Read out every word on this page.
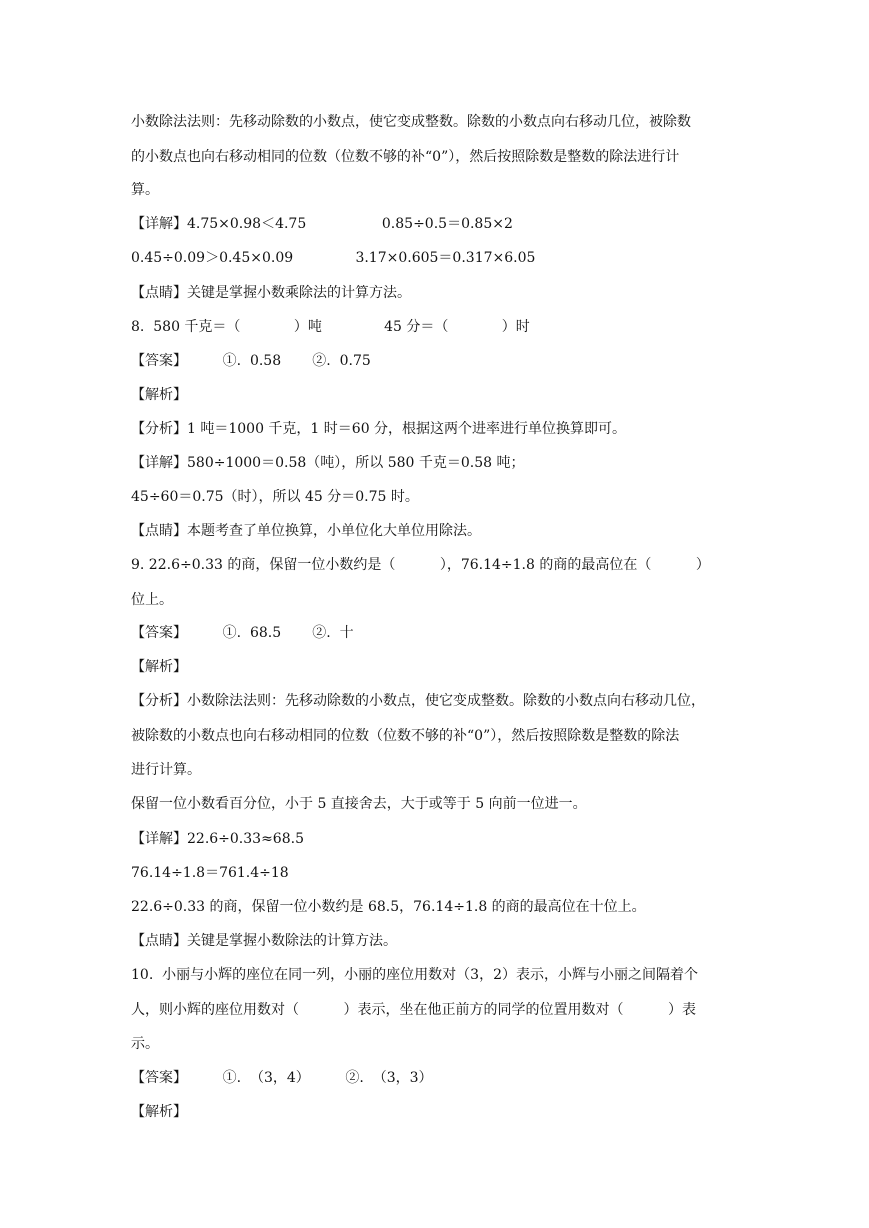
小数除法法则：先移动除数的小数点，使它变成整数。除数的小数点向右移动几位，被除数

的小数点也向右移动相同的位数（位数不够的补“0”），然后按照除数是整数的除法进行计

算。

【详解】4.75×0.98＜4.75                 0.85÷0.5＝0.85×2

0.45÷0.09＞0.45×0.09              3.17×0.605＝0.317×6.05

【点睛】关键是掌握小数乘除法的计算方法。

8.  580 千克＝（            ）吨              45 分＝（            ）时

【答案】        ①.  0.58       ②.  0.75

【解析】

【分析】1 吨＝1000 千克，1 时＝60 分，根据这两个进率进行单位换算即可。

【详解】580÷1000＝0.58（吨），所以 580 千克＝0.58 吨；

45÷60＝0.75（时），所以 45 分＝0.75 时。

【点睛】本题考查了单位换算，小单位化大单位用除法。

9. 22.6÷0.33 的商，保留一位小数约是（          ），76.14÷1.8 的商的最高位在（          ）

位上。

【答案】        ①.  68.5       ②.  十

【解析】

【分析】小数除法法则：先移动除数的小数点，使它变成整数。除数的小数点向右移动几位，

被除数的小数点也向右移动相同的位数（位数不够的补“0”），然后按照除数是整数的除法

进行计算。

保留一位小数看百分位，小于 5 直接舍去，大于或等于 5 向前一位进一。

【详解】22.6÷0.33≈68.5

76.14÷1.8＝761.4÷18

22.6÷0.33 的商，保留一位小数约是 68.5，76.14÷1.8 的商的最高位在十位上。

【点睛】关键是掌握小数除法的计算方法。

10.  小丽与小辉的座位在同一列，小丽的座位用数对（3，2）表示，小辉与小丽之间隔着个

人，则小辉的座位用数对（          ）表示，坐在他正前方的同学的位置用数对（          ）表

示。

【答案】        ①.  （3，4）        ②.  （3，3）

【解析】
